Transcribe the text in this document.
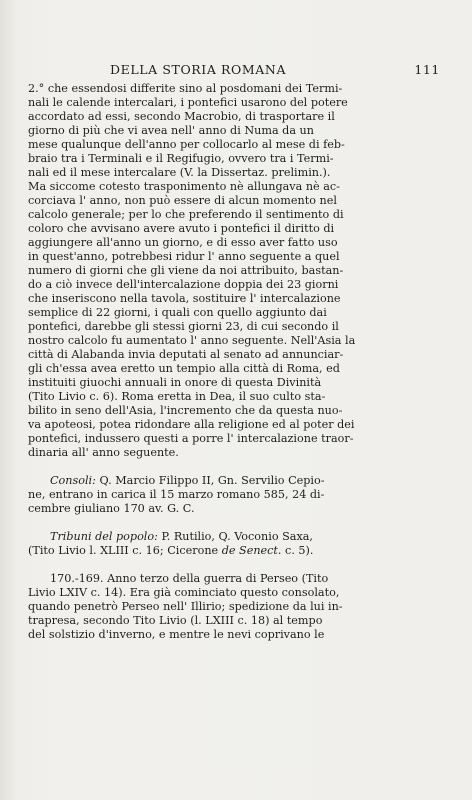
DELLA STORIA ROMANA	111
2.° che essendosi differite sino al posdomani dei Termi-
nali le calende intercalari, i pontefici usarono del potere
accordato ad essi, secondo Macrobio, di trasportare il
giorno di più che vi avea nell' anno di Numa da un
mese qualunque dell'anno per collocarlo al mese di feb-
braio tra i Terminali e il Regifugio, ovvero tra i Termi-
nali ed il mese intercalare (V. la Dissertaz. prelimin.).
Ma siccome cotesto trasponimento nè allungava nè ac-
corciava l' anno, non può essere di alcun momento nel
calcolo generale; per lo che preferendo il sentimento di
coloro che avvisano avere avuto i pontefici il diritto di
aggiungere all'anno un giorno, e di esso aver fatto uso
in quest'anno, potrebbesi ridur l' anno seguente a quel
numero di giorni che gli viene da noi attribuito, bastan-
do a ciò invece dell'intercalazione doppia dei 23 giorni
che inseriscono nella tavola, sostituire l' intercalazione
semplice di 22 giorni, i quali con quello aggiunto dai
pontefici, darebbe gli stessi giorni 23, di cui secondo il
nostro calcolo fu aumentato l' anno seguente. Nell'Asia la
città di Alabanda invia deputati al senato ad annunciar-
gli ch'essa avea eretto un tempio alla città di Roma, ed
instituiti giuochi annuali in onore di questa Divinità
(Tito Livio c. 6). Roma eretta in Dea, il suo culto sta-
bilito in seno dell'Asia, l'incremento che da questa nuo-
va apoteosi, potea ridondare alla religione ed al poter dei
pontefici, indussero questi a porre l' intercalazione traor-
dinaria all' anno seguente.
Consoli: Q. Marcio Filippo II, Gn. Servilio Cepio-
ne, entrano in carica il 15 marzo romano 585, 24 di-
cembre giuliano 170 av. G. C.
Tribuni del popolo: P. Rutilio, Q. Voconio Saxa,
(Tito Livio l. XLIII c. 16; Cicerone de Senect. c. 5).
170.-169. Anno terzo della guerra di Perseo (Tito
Livio LXIV c. 14). Era già cominciato questo consolato,
quando penetrò Perseo nell' Illirio; spedizione da lui in-
trapresa, secondo Tito Livio (l. LXIII c. 18) al tempo
del solstizio d'inverno, e mentre le nevi coprivano le
